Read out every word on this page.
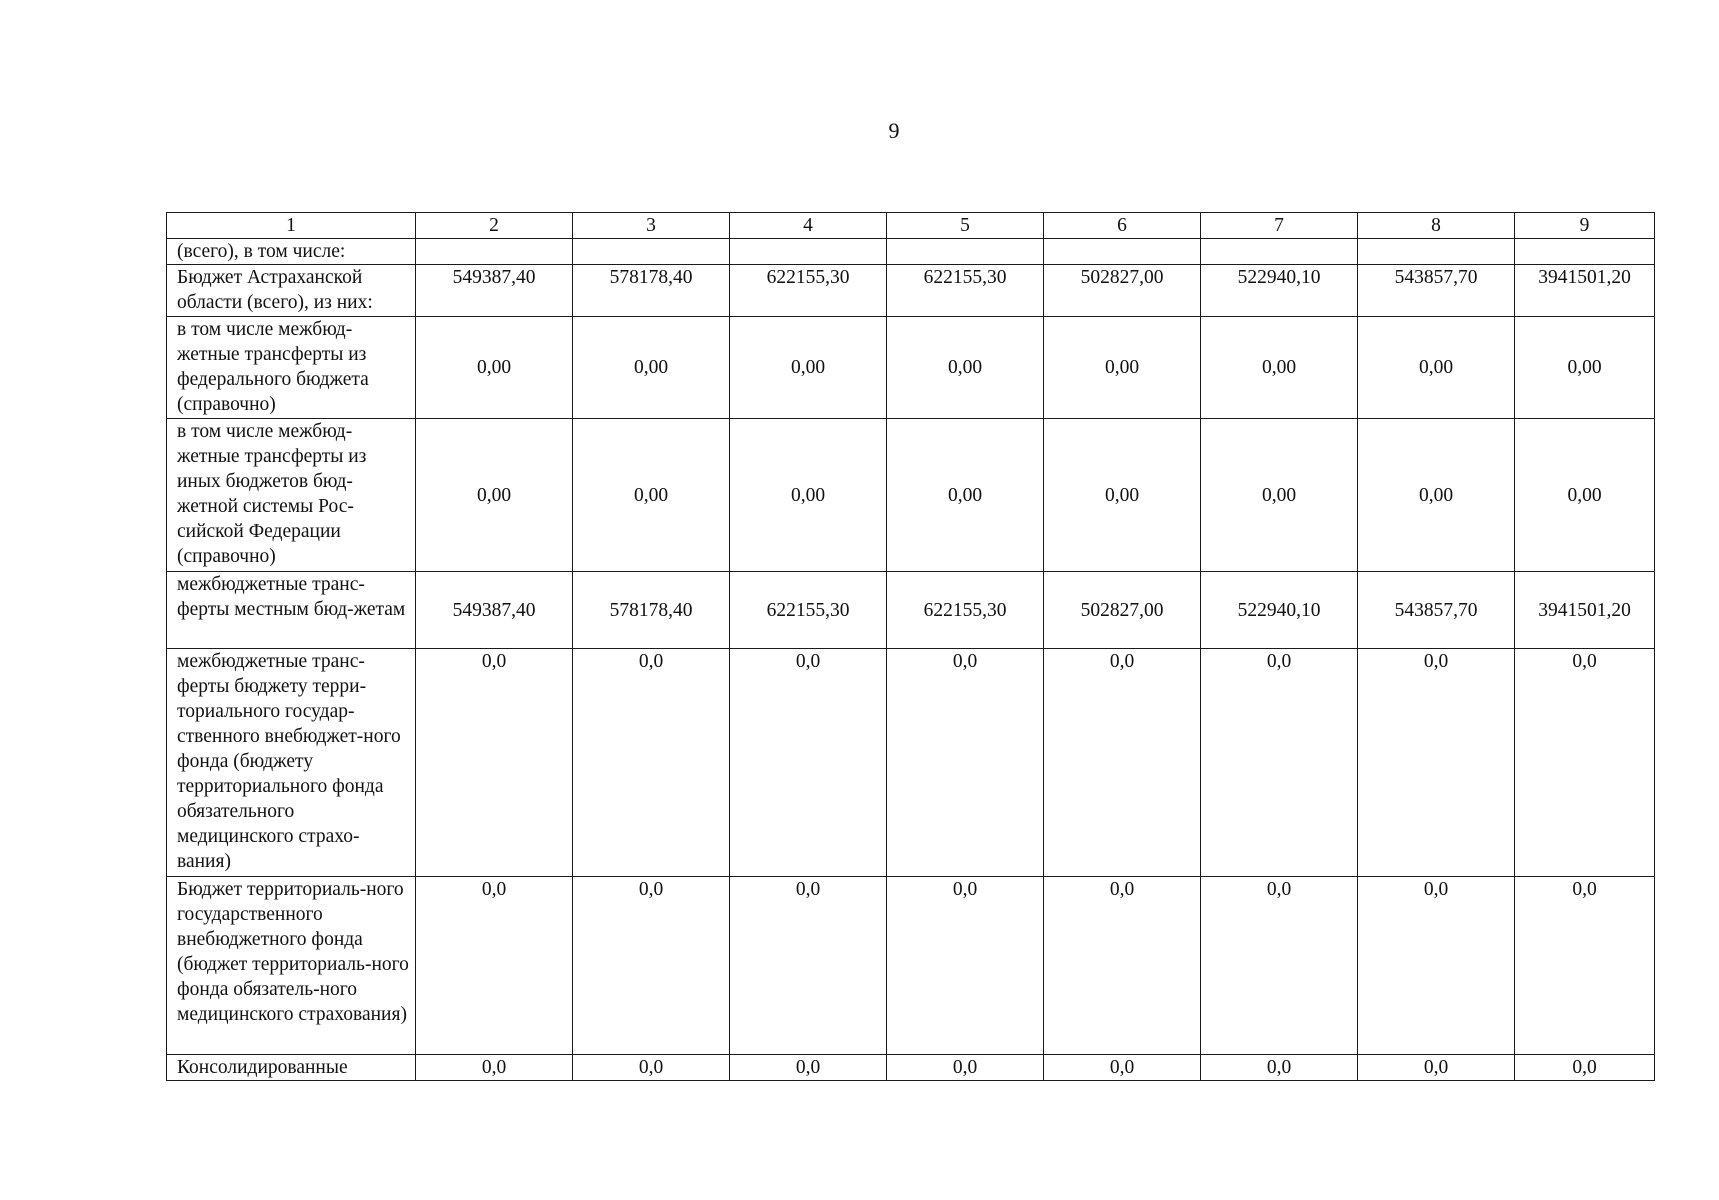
9
1	2	3	4	5	6	7	8	9
(всего), в том числе:								
Бюджет Астраханской области (всего), из них:	549387,40	578178,40	622155,30	622155,30	502827,00	522940,10	543857,70	3941501,20
в том числе межбюд-жетные трансферты из федерального бюджета (справочно)	0,00	0,00	0,00	0,00	0,00	0,00	0,00	0,00
в том числе межбюд-жетные трансферты из иных бюджетов бюд-жетной системы Рос-сийской Федерации (справочно)	0,00	0,00	0,00	0,00	0,00	0,00	0,00	0,00
межбюджетные транс-ферты местным бюд-жетам	549387,40	578178,40	622155,30	622155,30	502827,00	522940,10	543857,70	3941501,20
межбюджетные транс-ферты бюджету терри-ториального государ-ственного внебюджет-ного фонда (бюджету территориального фонда обязательного медицинского страхо-вания)	0,0	0,0	0,0	0,0	0,0	0,0	0,0	0,0
Бюджет территориаль-ного государственного внебюджетного фонда (бюджет территориаль-ного фонда обязатель-ного медицинского страхования)	0,0	0,0	0,0	0,0	0,0	0,0	0,0	0,0
Консолидированные	0,0	0,0	0,0	0,0	0,0	0,0	0,0	0,0
